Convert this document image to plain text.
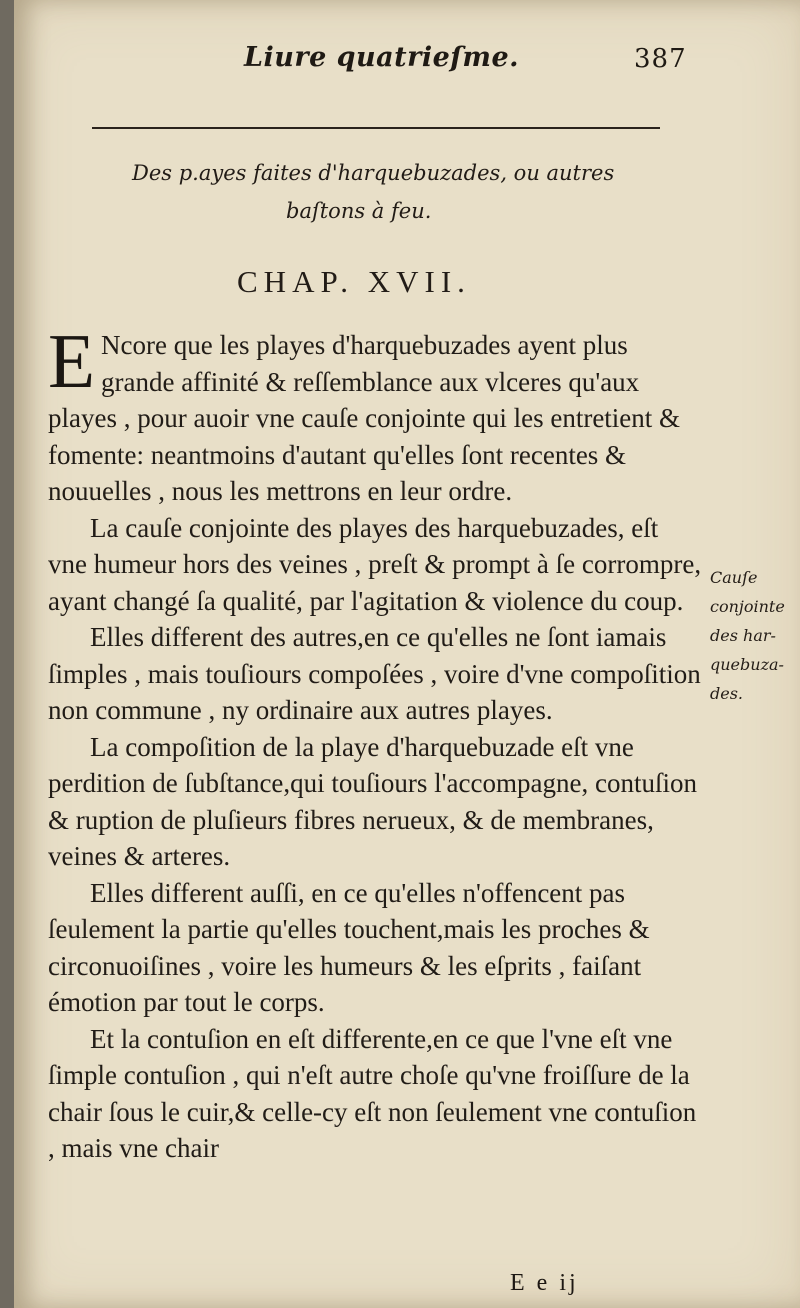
Liure quatrieſme.	387
Des p.ayes faites d'harquebuzades, ou autres
baſtons à feu.
CHAP. XVII.

E Ncore que les playes d'harquebuzades ayent plus grande affinité & reſſemblance aux vlceres qu'aux playes , pour auoir vne cauſe conjointe qui les entretient & fomente: neantmoins d'autant qu'elles ſont recentes & nouuelles , nous les mettrons en leur ordre.

La cauſe conjointe des playes des harquebuzades, eſt vne humeur hors des veines , preſt & prompt à ſe corrompre, ayant changé ſa qualité, par l'agitation & violence du coup.

Elles different des autres,en ce qu'elles ne ſont iamais ſimples , mais touſiours compoſées , voire d'vne compoſition non commune , ny ordinaire aux autres playes.

La compoſition de la playe d'harquebuzade eſt vne perdition de ſubſtance,qui touſiours l'accompagne, contuſion & ruption de pluſieurs fibres nerueux, & de membranes, veines & arteres.

Elles different auſſi, en ce qu'elles n'offencent pas ſeulement la partie qu'elles touchent,mais les proches & circonuoiſines , voire les humeurs & les eſprits , faiſant émotion par tout le corps.

Et la contuſion en eſt differente,en ce que l'vne eſt vne ſimple contuſion , qui n'eſt autre choſe qu'vne froiſſure de la chair ſous le cuir,& celle-cy eſt non ſeulement vne contuſion , mais vne chair

Cauſe
conjointe
des har-
quebuza-
des.
E e ij
